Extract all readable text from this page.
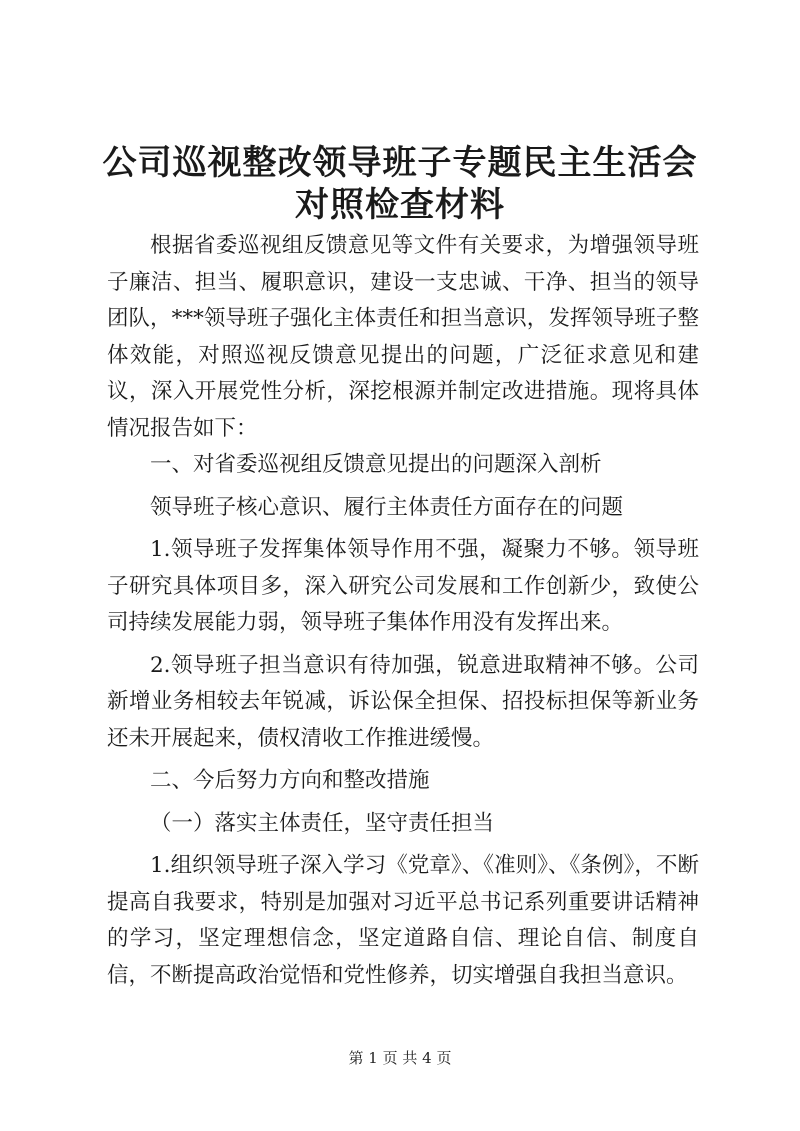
公司巡视整改领导班子专题民主生活会对照检查材料

根据省委巡视组反馈意见等文件有关要求，为增强领导班子廉洁、担当、履职意识，建设一支忠诚、干净、担当的领导团队，***领导班子强化主体责任和担当意识，发挥领导班子整体效能，对照巡视反馈意见提出的问题，广泛征求意见和建议，深入开展党性分析，深挖根源并制定改进措施。现将具体情况报告如下：

一、对省委巡视组反馈意见提出的问题深入剖析

领导班子核心意识、履行主体责任方面存在的问题

1.领导班子发挥集体领导作用不强，凝聚力不够。领导班子研究具体项目多，深入研究公司发展和工作创新少，致使公司持续发展能力弱，领导班子集体作用没有发挥出来。

2.领导班子担当意识有待加强，锐意进取精神不够。公司新增业务相较去年锐减，诉讼保全担保、招投标担保等新业务还未开展起来，债权清收工作推进缓慢。

二、今后努力方向和整改措施

（一）落实主体责任，坚守责任担当

1.组织领导班子深入学习《党章》、《准则》、《条例》，不断提高自我要求，特别是加强对习近平总书记系列重要讲话精神的学习，坚定理想信念，坚定道路自信、理论自信、制度自信，不断提高政治觉悟和党性修养，切实增强自我担当意识。

第 1 页 共 4 页
